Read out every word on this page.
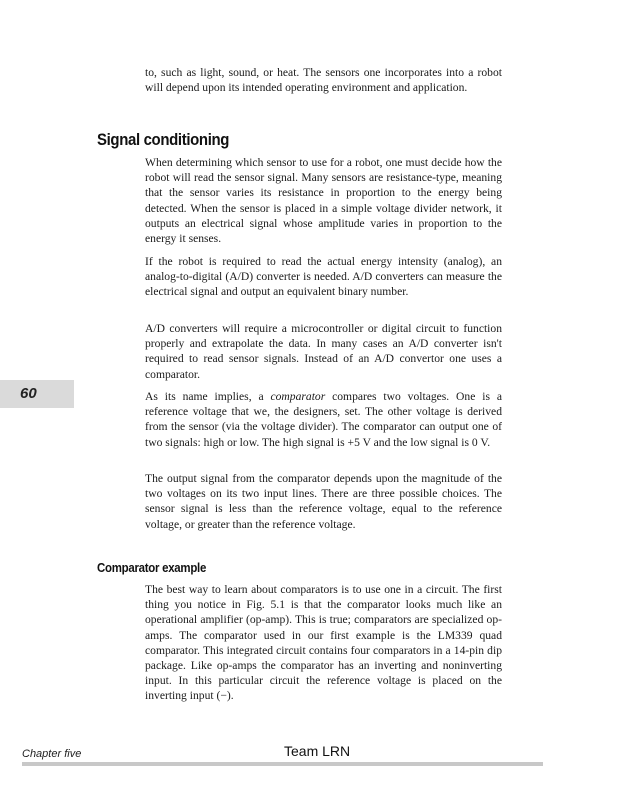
to, such as light, sound, or heat. The sensors one incorporates into a robot will depend upon its intended operating environment and application.

Signal conditioning

When determining which sensor to use for a robot, one must decide how the robot will read the sensor signal. Many sensors are resistance-type, meaning that the sensor varies its resistance in proportion to the energy being detected. When the sensor is placed in a simple voltage divider network, it outputs an electrical signal whose amplitude varies in proportion to the energy it senses.

If the robot is required to read the actual energy intensity (analog), an analog-to-digital (A/D) converter is needed. A/D converters can measure the electrical signal and output an equivalent binary number.

A/D converters will require a microcontroller or digital circuit to function properly and extrapolate the data. In many cases an A/D converter isn't required to read sensor signals. Instead of an A/D convertor one uses a comparator.

As its name implies, a comparator compares two voltages. One is a reference voltage that we, the designers, set. The other voltage is derived from the sensor (via the voltage divider). The comparator can output one of two signals: high or low. The high signal is +5 V and the low signal is 0 V.

The output signal from the comparator depends upon the magnitude of the two voltages on its two input lines. There are three possible choices. The sensor signal is less than the reference voltage, equal to the reference voltage, or greater than the reference voltage.

Comparator example

The best way to learn about comparators is to use one in a circuit. The first thing you notice in Fig. 5.1 is that the comparator looks much like an operational amplifier (op-amp). This is true; comparators are specialized op-amps. The comparator used in our first example is the LM339 quad comparator. This integrated circuit contains four comparators in a 14-pin dip package. Like op-amps the comparator has an inverting and noninverting input. In this particular circuit the reference voltage is placed on the inverting input (−).

60
Chapter five	Team LRN
